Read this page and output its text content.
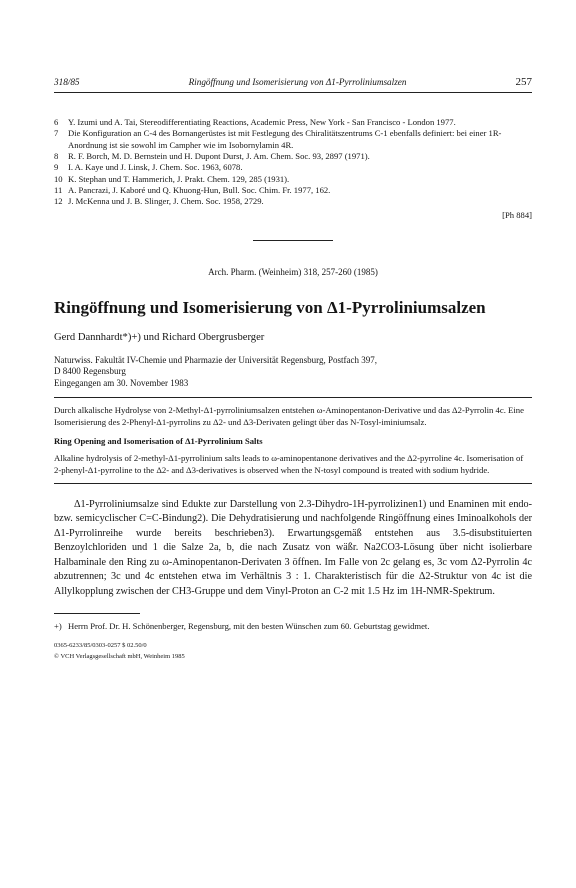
318/85	Ringöffnung und Isomerisierung von Δ1-Pyrroliniumsalzen	257
6	Y. Izumi und A. Tai, Stereodifferentiating Reactions, Academic Press, New York - San Francisco - London 1977.
7	Die Konfiguration an C-4 des Bornangerüstes ist mit Festlegung des Chiralitätszentrums C-1 ebenfalls definiert: bei einer 1R-Anordnung ist sie sowohl im Campher wie im Isobornylamin 4R.
8	R. F. Borch, M. D. Bernstein und H. Dupont Durst, J. Am. Chem. Soc. 93, 2897 (1971).
9	I. A. Kaye und J. Linsk, J. Chem. Soc. 1963, 6078.
10 K. Stephan und T. Hammerich, J. Prakt. Chem. 129, 285 (1931).
11 A. Pancrazi, J. Kaboré und Q. Khuong-Hun, Bull. Soc. Chim. Fr. 1977, 162.
12 J. McKenna und J. B. Slinger, J. Chem. Soc. 1958, 2729.
[Ph 884]
Arch. Pharm. (Weinheim) 318, 257-260 (1985)
Ringöffnung und Isomerisierung von Δ1-Pyrroliniumsalzen
Gerd Dannhardt*)+) und Richard Obergrusberger
Naturwiss. Fakultät IV-Chemie und Pharmazie der Universität Regensburg, Postfach 397,
D 8400 Regensburg
Eingegangen am 30. November 1983
Durch alkalische Hydrolyse von 2-Methyl-Δ1-pyrroliniumsalzen entstehen ω-Aminopentanon-Derivative und das Δ2-Pyrrolin 4c. Eine Isomerisierung des 2-Phenyl-Δ1-pyrrolins zu Δ2- und Δ3-Derivaten gelingt über das N-Tosyl-iminiumsalz.
Ring Opening and Isomerisation of Δ1-Pyrrolinium Salts
Alkaline hydrolysis of 2-methyl-Δ1-pyrrolinium salts leads to ω-aminopentanone derivatives and the Δ2-pyrroline 4c. Isomerisation of 2-phenyl-Δ1-pyrroline to the Δ2- and Δ3-derivatives is observed when the N-tosyl compound is treated with sodium hydride.
Δ1-Pyrroliniumsalze sind Edukte zur Darstellung von 2.3-Dihydro-1H-pyrrolizinen1) und Enaminen mit endo- bzw. semicyclischer C=C-Bindung2). Die Dehydratisierung und nachfolgende Ringöffnung eines Iminoalkohols der Δ1-Pyrrolinreihe wurde bereits beschrieben3). Erwartungsgemäß entstehen aus 3.5-disubstituierten Benzoylchloriden und 1 die Salze 2a, b, die nach Zusatz von wäßr. Na2CO3-Lösung über nicht isolierbare Halbaminale den Ring zu ω-Aminopentanon-Derivaten 3 öffnen. Im Falle von 2c gelang es, 3c vom Δ2-Pyrrolin 4c abzutrennen; 3c und 4c entstehen etwa im Verhältnis 3 : 1. Charakteristisch für die Δ2-Struktur von 4c ist die Allylkopplung zwischen der CH3-Gruppe und dem Vinyl-Proton an C-2 mit 1.5 Hz im 1H-NMR-Spektrum.
+) Herrn Prof. Dr. H. Schönenberger, Regensburg, mit den besten Wünschen zum 60. Geburtstag gewidmet.
0365-6233/85/0303-0257 $ 02.50/0
© VCH Verlagsgesellschaft mbH, Weinheim 1985
